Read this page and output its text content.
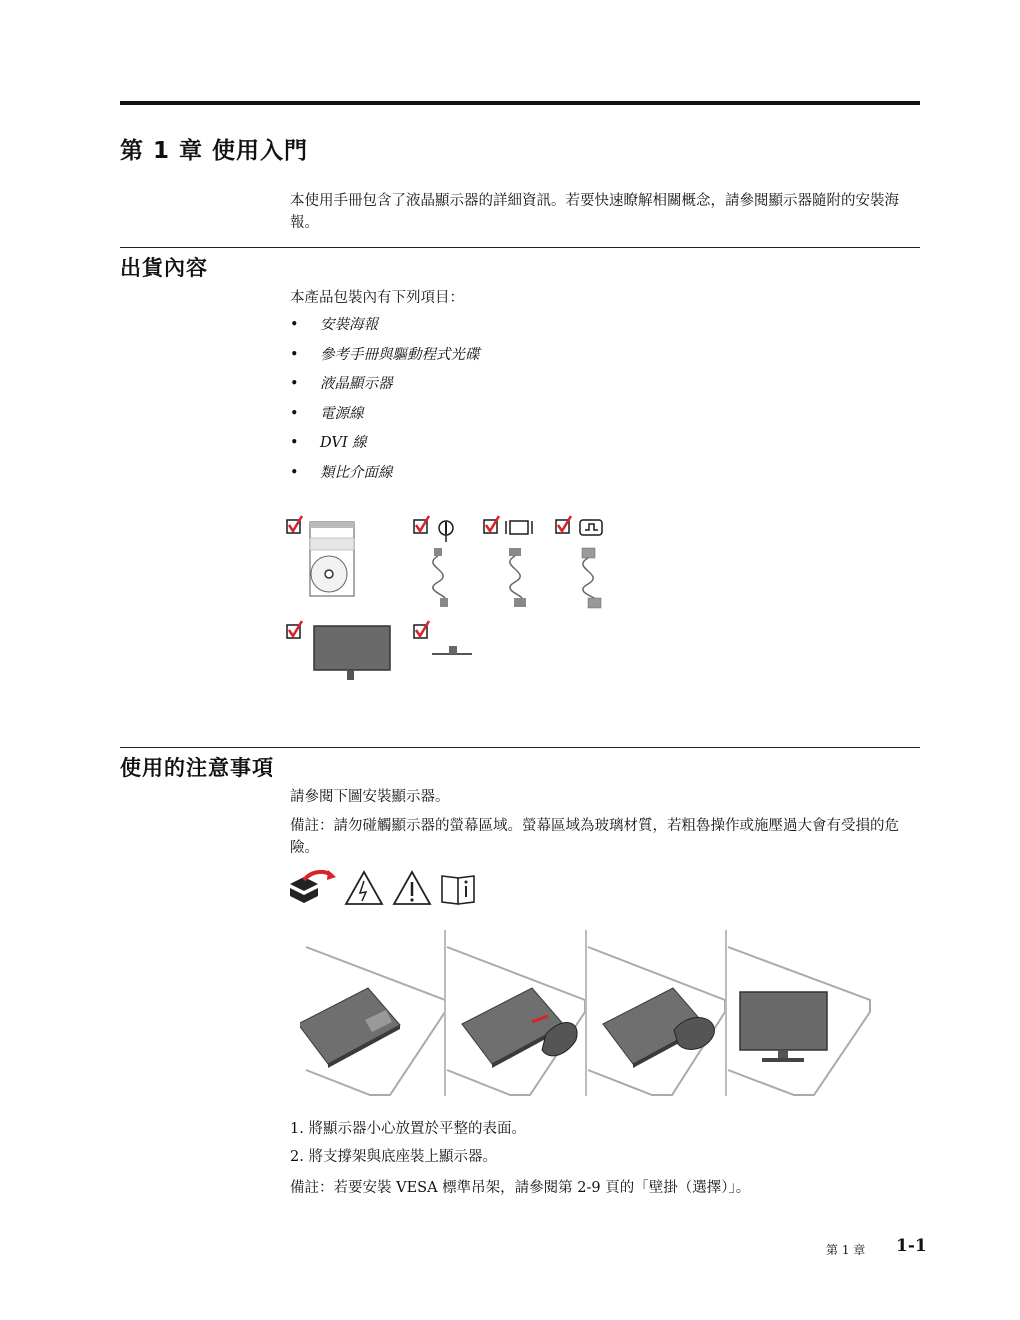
第 1 章 使用入門
本使用手冊包含了液晶顯示器的詳細資訊。若要快速瞭解相關概念，請參閱顯示器隨附的安裝海報。
出貨內容
本產品包裝內有下列項目：
• 安裝海報
• 參考手冊與驅動程式光碟
• 液晶顯示器
• 電源線
• DVI 線
• 類比介面線
使用的注意事項
請參閱下圖安裝顯示器。
備註：請勿碰觸顯示器的螢幕區域。螢幕區域為玻璃材質，若粗魯操作或施壓過大會有受損的危險。
1. 將顯示器小心放置於平整的表面。
2. 將支撐架與底座裝上顯示器。
備註：若要安裝 VESA 標準吊架，請參閱第 2-9 頁的「壁掛（選擇）」。
第 1 章 1-1
